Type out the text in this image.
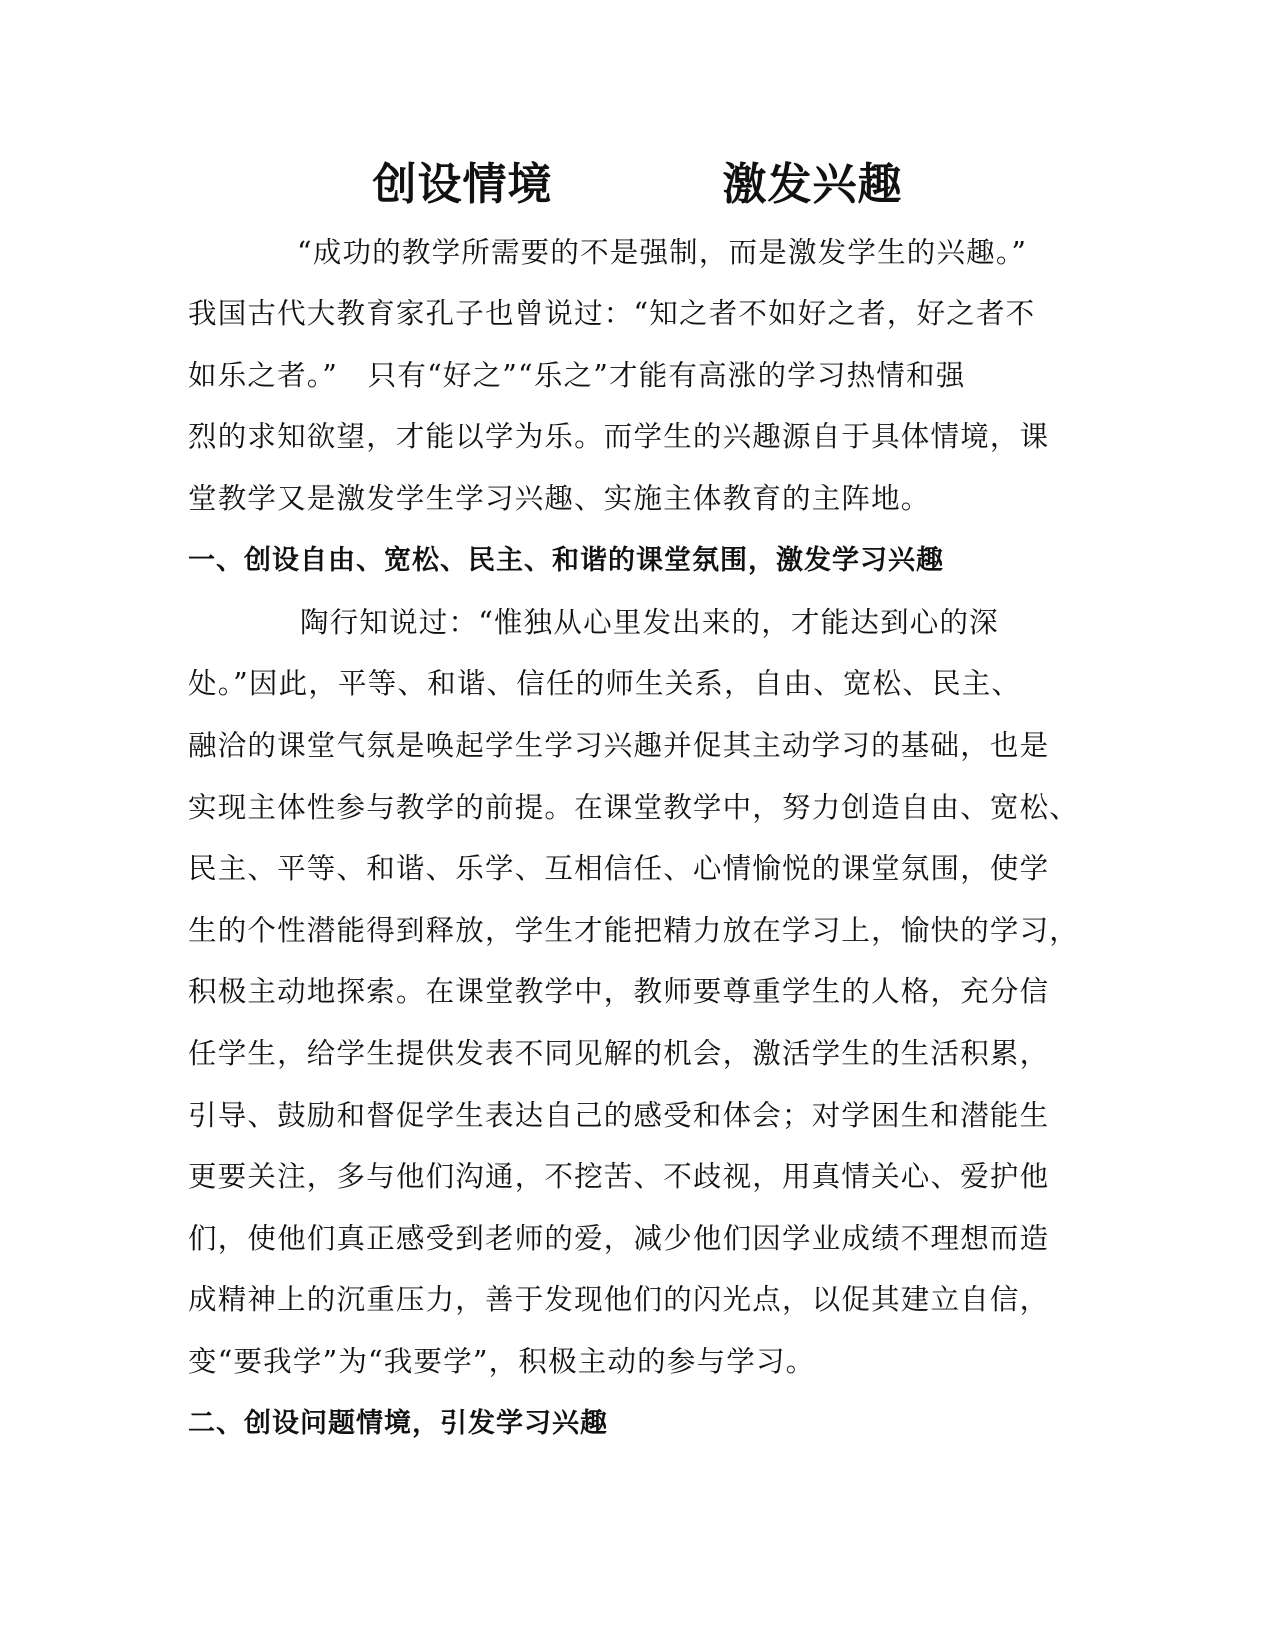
创设情境	激发兴趣

“成功的教学所需要的不是强制，而是激发学生的兴趣。”

我国古代大教育家孔子也曾说过：“知之者不如好之者，好之者不

如乐之者。”　只有“好之”“乐之”才能有高涨的学习热情和强

烈的求知欲望，才能以学为乐。而学生的兴趣源自于具体情境，课

堂教学又是激发学生学习兴趣、实施主体教育的主阵地。

一、创设自由、宽松、民主、和谐的课堂氛围，激发学习兴趣

陶行知说过：“惟独从心里发出来的，才能达到心的深

处。”因此，平等、和谐、信任的师生关系，自由、宽松、民主、

融洽的课堂气氛是唤起学生学习兴趣并促其主动学习的基础，也是

实现主体性参与教学的前提。在课堂教学中，努力创造自由、宽松、

民主、平等、和谐、乐学、互相信任、心情愉悦的课堂氛围，使学

生的个性潜能得到释放，学生才能把精力放在学习上，愉快的学习，

积极主动地探索。在课堂教学中，教师要尊重学生的人格，充分信

任学生，给学生提供发表不同见解的机会，激活学生的生活积累，

引导、鼓励和督促学生表达自己的感受和体会；对学困生和潜能生

更要关注，多与他们沟通，不挖苦、不歧视，用真情关心、爱护他

们，使他们真正感受到老师的爱，减少他们因学业成绩不理想而造

成精神上的沉重压力，善于发现他们的闪光点，以促其建立自信，

变“要我学”为“我要学”，积极主动的参与学习。

二、创设问题情境，引发学习兴趣
